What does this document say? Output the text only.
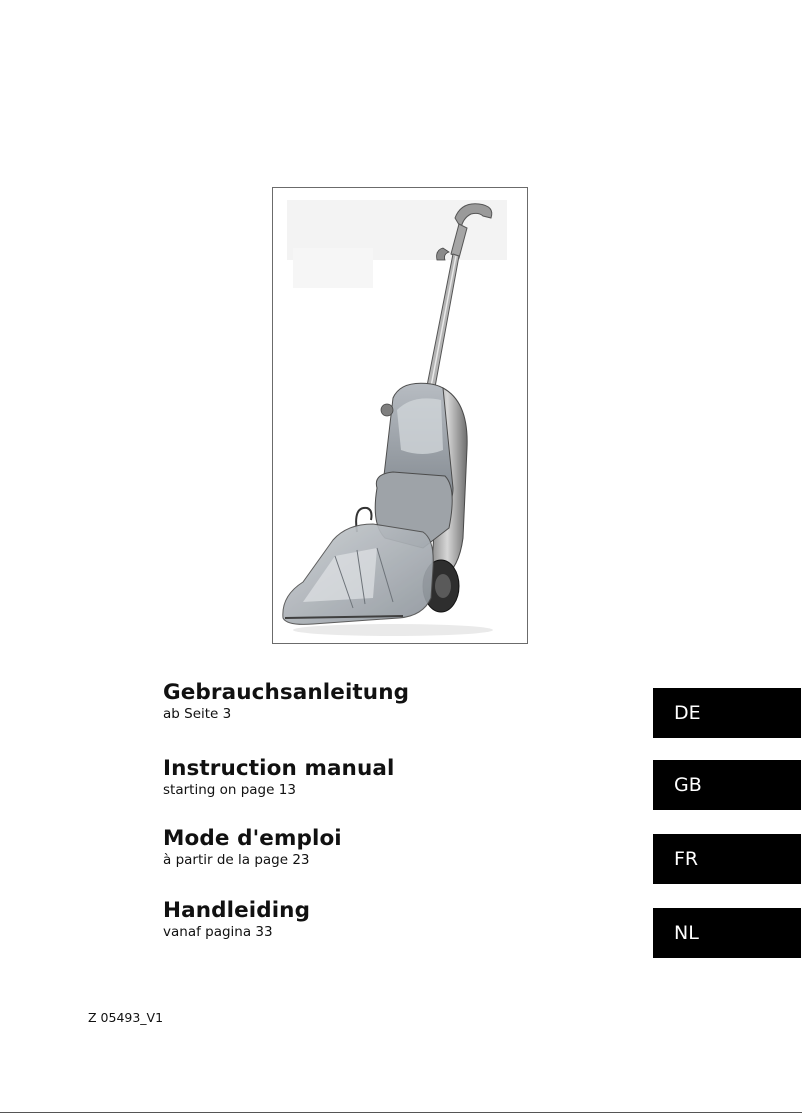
Gebrauchsanleitung

ab Seite 3

Instruction manual

starting on page 13

Mode d'emploi

à partir de la page 23

Handleiding

vanaf pagina 33

DE
GB
FR
NL
Z 05493_V1
